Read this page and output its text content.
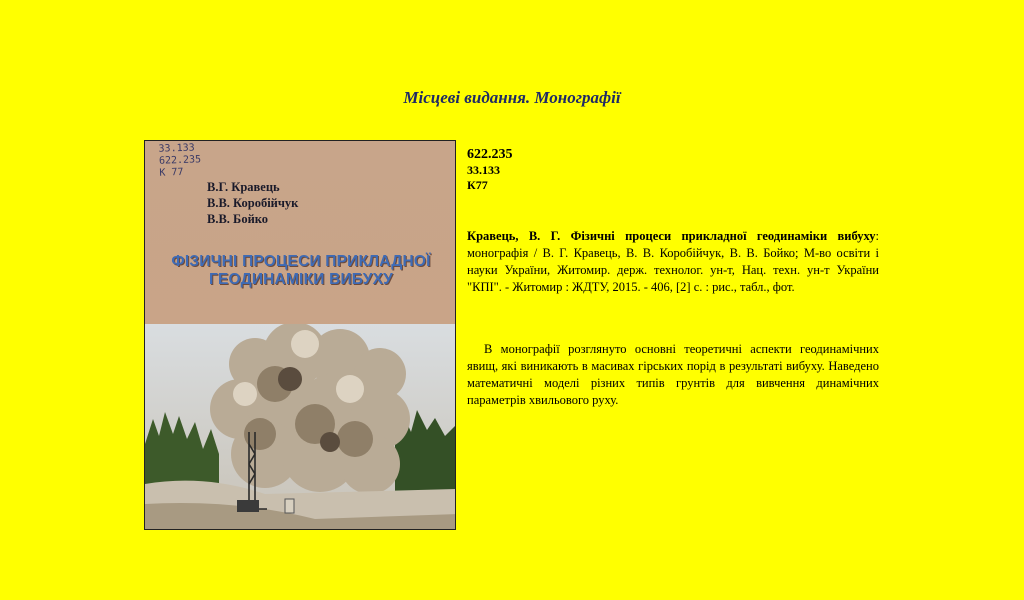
Місцеві видання. Монографії
33.133
622.235
К 77
В.Г. Кравець
В.В. Коробійчук
В.В. Бойко
ФІЗИЧНІ ПРОЦЕСИ ПРИКЛАДНОЇ
ГЕОДИНАМІКИ ВИБУХУ
622.235
33.133
К77
Кравець, В. Г. Фізичні процеси прикладної геодинаміки вибуху: монографія / В. Г. Кравець, В. В. Коробійчук, В. В. Бойко; М-во освіти і науки України, Житомир. держ. технолог. ун-т, Нац. техн. ун-т України "КПІ". - Житомир : ЖДТУ, 2015. - 406, [2] с. : рис., табл., фот.
В монографії розглянуто основні теоретичні аспекти геодинамічних явищ, які виникають в масивах гірських порід в результаті вибуху. Наведено математичні моделі різних типів грунтів для вивчення динамічних параметрів хвильового руху.
